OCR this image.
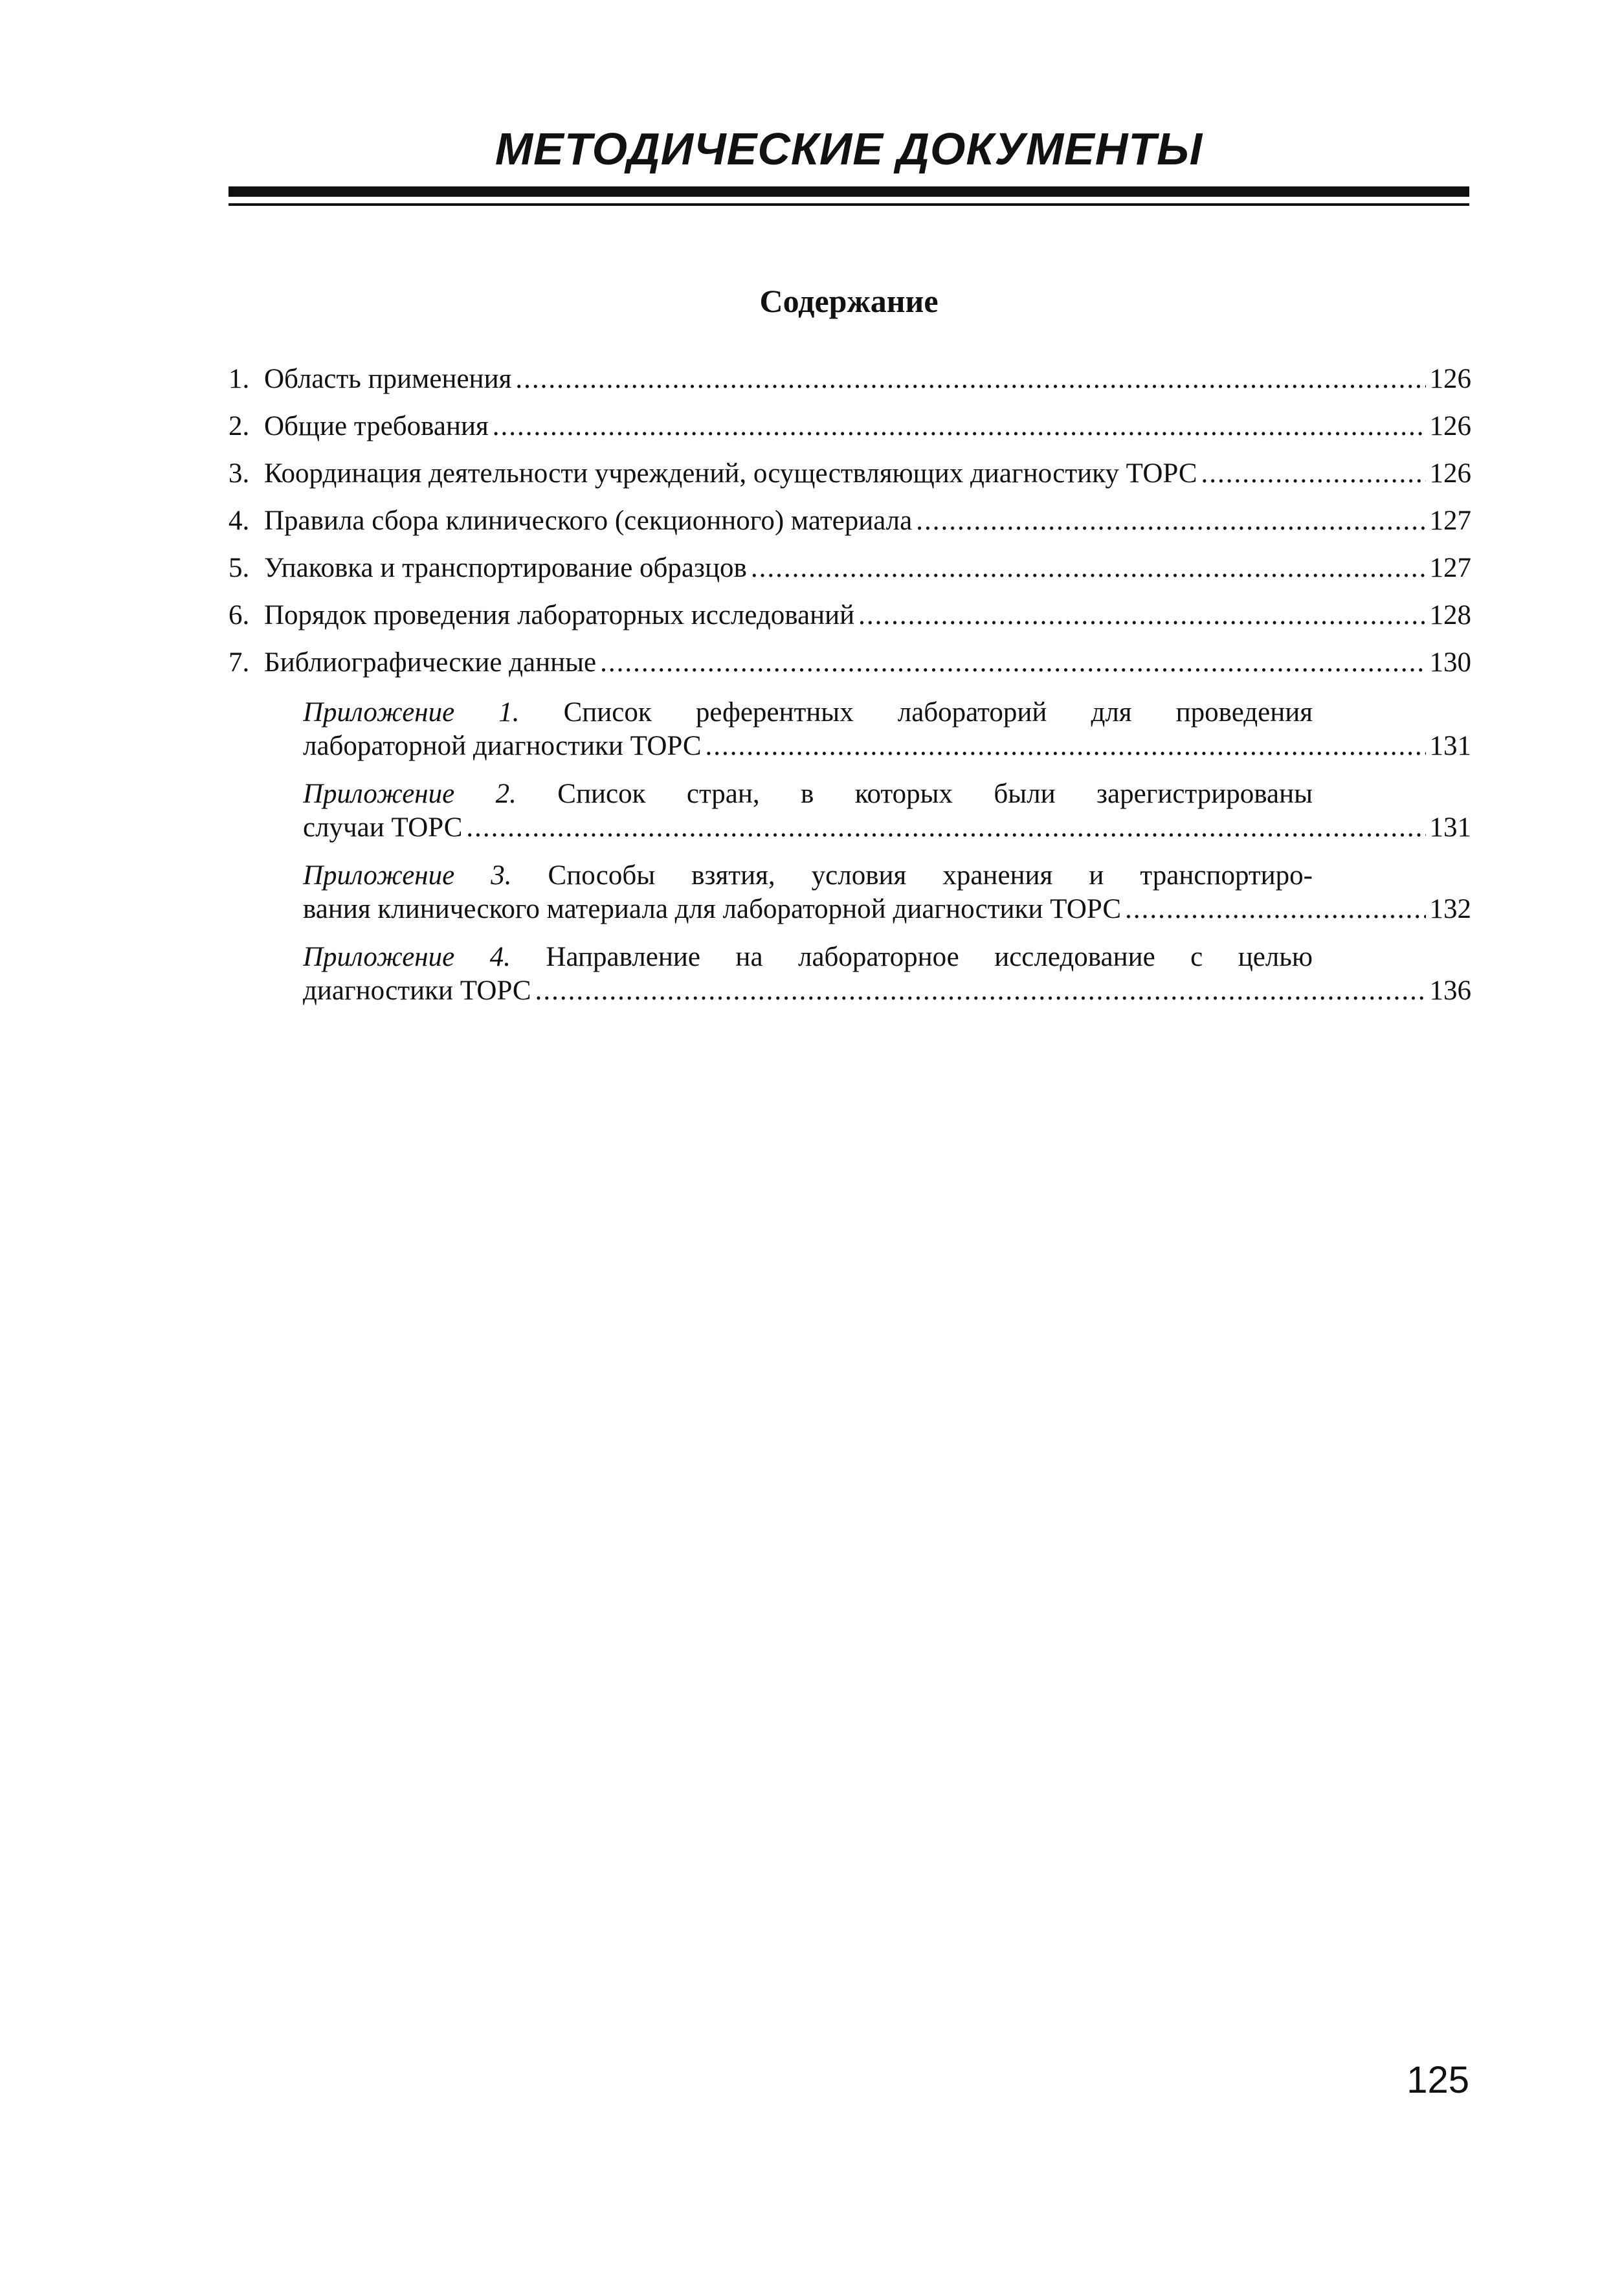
МЕТОДИЧЕСКИЕ ДОКУМЕНТЫ
Содержание
1. Область применения .....	126
2. Общие требования .....	126
3. Координация деятельности учреждений, осуществляющих диагностику ТОРС .....	126
4. Правила сбора клинического (секционного) материала .....	127
5. Упаковка и транспортирование образцов .....	127
6. Порядок проведения лабораторных исследований .....	128
7. Библиографические данные .....	130
Приложение 1. Список референтных лабораторий для проведения
лабораторной диагностики ТОРС .....	131
Приложение 2. Список стран, в которых были зарегистрированы
случаи ТОРС .....	131
Приложение 3. Способы взятия, условия хранения и транспортиро-
вания клинического материала для лабораторной диагностики ТОРС .....	132
Приложение 4. Направление на лабораторное исследование с целью
диагностики ТОРС .....	136
125
